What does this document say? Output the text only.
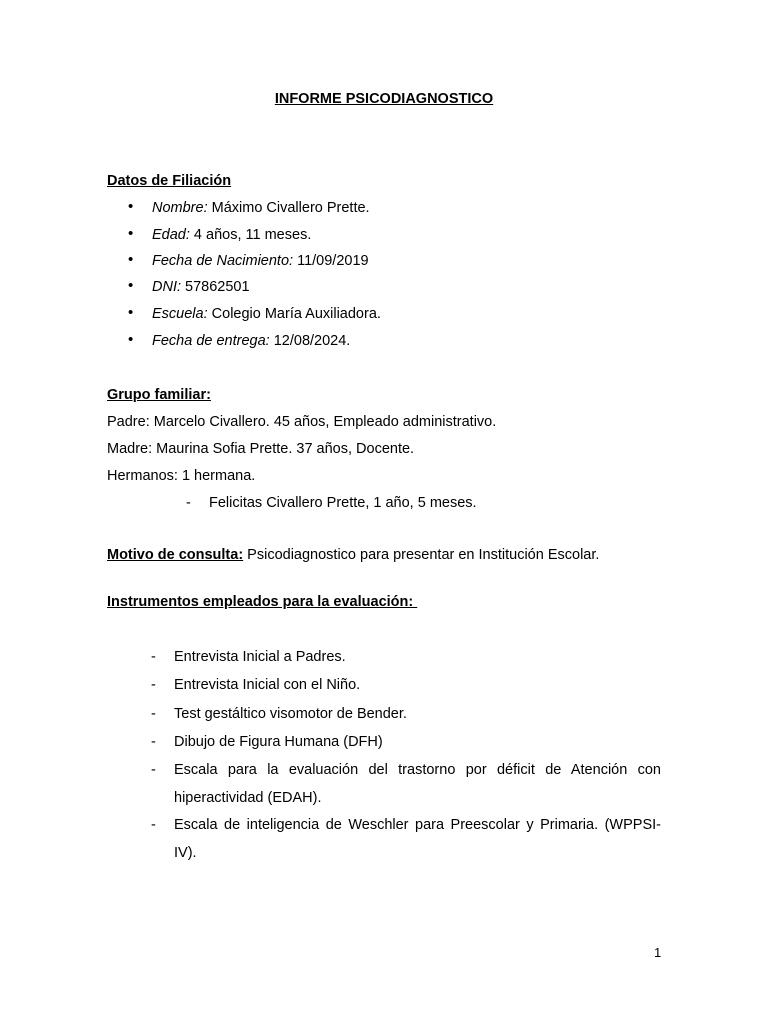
INFORME PSICODIAGNOSTICO
Datos de Filiación
• Nombre: Máximo Civallero Prette.
• Edad: 4 años, 11 meses.
• Fecha de Nacimiento: 11/09/2019
• DNI: 57862501
• Escuela: Colegio María Auxiliadora.
• Fecha de entrega: 12/08/2024.
Grupo familiar:
Padre: Marcelo Civallero. 45 años, Empleado administrativo.
Madre: Maurina Sofia Prette. 37 años, Docente.
Hermanos: 1 hermana.
- Felicitas Civallero Prette, 1 año, 5 meses.
Motivo de consulta: Psicodiagnostico para presentar en Institución Escolar.
Instrumentos empleados para la evaluación:
- Entrevista Inicial a Padres.
- Entrevista Inicial con el Niño.
- Test gestáltico visomotor de Bender.
- Dibujo de Figura Humana (DFH)
- Escala para la evaluación del trastorno por déficit de Atención con
hiperactividad (EDAH).
- Escala de inteligencia de Weschler para Preescolar y Primaria. (WPPSI-
IV).
1
